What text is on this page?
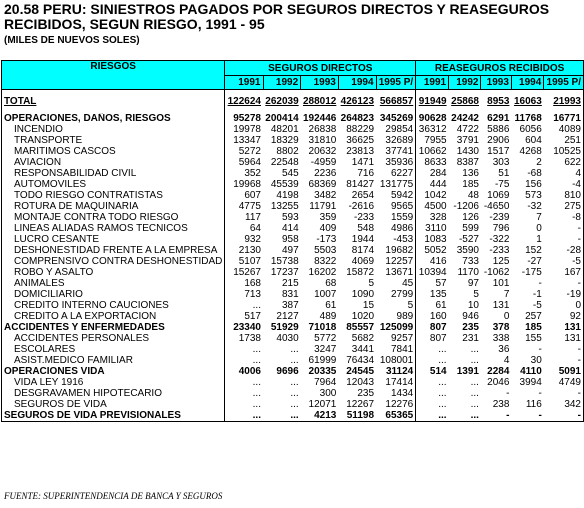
20.58 PERU: SINIESTROS PAGADOS POR SEGUROS DIRECTOS Y REASEGUROS
RECIBIDOS, SEGUN RIESGO, 1991 - 95
(MILES DE NUEVOS SOLES)
RIESGOS	SEGUROS DIRECTOS					REASEGUROS RECIBIDOS				
	1991	1992	1993	1994	1995 P/	1991	1992	1993	1994	1995 P/

TOTAL	122624	262039	288012	426123	566857	91949	25868	8953	16063	21993

OPERACIONES, DAÑOS, RIESGOS	95278	200414	192446	264823	345269	90628	24242	6291	11768	16771
INCENDIO	19978	48201	26838	88229	29854	36312	4722	5886	6056	4089
TRANSPORTE	13347	18329	31810	36625	32689	7955	3791	2906	604	251
MARITIMOS CASCOS	5272	8802	20632	23813	37741	10662	1430	1517	4268	10525
AVIACION	5964	22548	-4959	1471	35936	8633	8387	303	2	622
RESPONSABILIDAD CIVIL	352	545	2236	716	6227	284	136	51	-68	4
AUTOMOVILES	19968	45539	68369	81427	131775	444	185	-75	156	-4
TODO RIESGO CONTRATISTAS	607	4198	3482	2654	5942	1042	48	1069	573	810
ROTURA DE MAQUINARIA	4775	13255	11791	-2616	9565	4500	-1206	-4650	-32	275
MONTAJE CONTRA TODO RIESGO	117	593	359	-233	1559	328	126	-239	7	-8
LINEAS ALIADAS RAMOS TECNICOS	64	414	409	548	4986	3110	599	796	0	-
LUCRO CESANTE	932	958	-173	1944	-453	1083	-527	-322	1	-
DESHONESTIDAD FRENTE A LA EMPRESA	2130	497	5503	8174	19682	5052	3590	-233	152	-28
COMPRENSIVO CONTRA DESHONESTIDAD	5107	15738	8322	4069	12257	416	733	125	-27	-5
ROBO Y ASALTO	15267	17237	16202	15872	13671	10394	1170	-1062	-175	167
ANIMALES	168	215	68	5	45	57	97	101	-	-
DOMICILIARIO	713	831	1007	1090	2799	135	5	7	-1	-19
CREDITO INTERNO CAUCIONES	...	387	61	15	5	61	10	131	-5	0
CREDITO A LA EXPORTACION	517	2127	489	1020	989	160	946	0	257	92
ACCIDENTES Y ENFERMEDADES	23340	51929	71018	85557	125099	807	235	378	185	131
ACCIDENTES PERSONALES	1738	4030	5772	5682	9257	807	231	338	155	131
ESCOLARES	...	...	3247	3441	7841	...	...	36	-	-
ASIST.MEDICO FAMILIAR	...	...	61999	76434	108001	...	...	4	30	-
OPERACIONES VIDA	4006	9696	20335	24545	31124	514	1391	2284	4110	5091
VIDA LEY 1916	...	...	7964	12043	17414	...	...	2046	3994	4749
DESGRAVAMEN HIPOTECARIO	...	...	300	235	1434	...	...	-	-	-
SEGUROS DE VIDA	...	...	12071	12267	12276	...	...	238	116	342
SEGUROS DE VIDA PREVISIONALES	...	...	4213	51198	65365	...	...	-	-	-
FUENTE: SUPERINTENDENCIA DE BANCA Y SEGUROS
